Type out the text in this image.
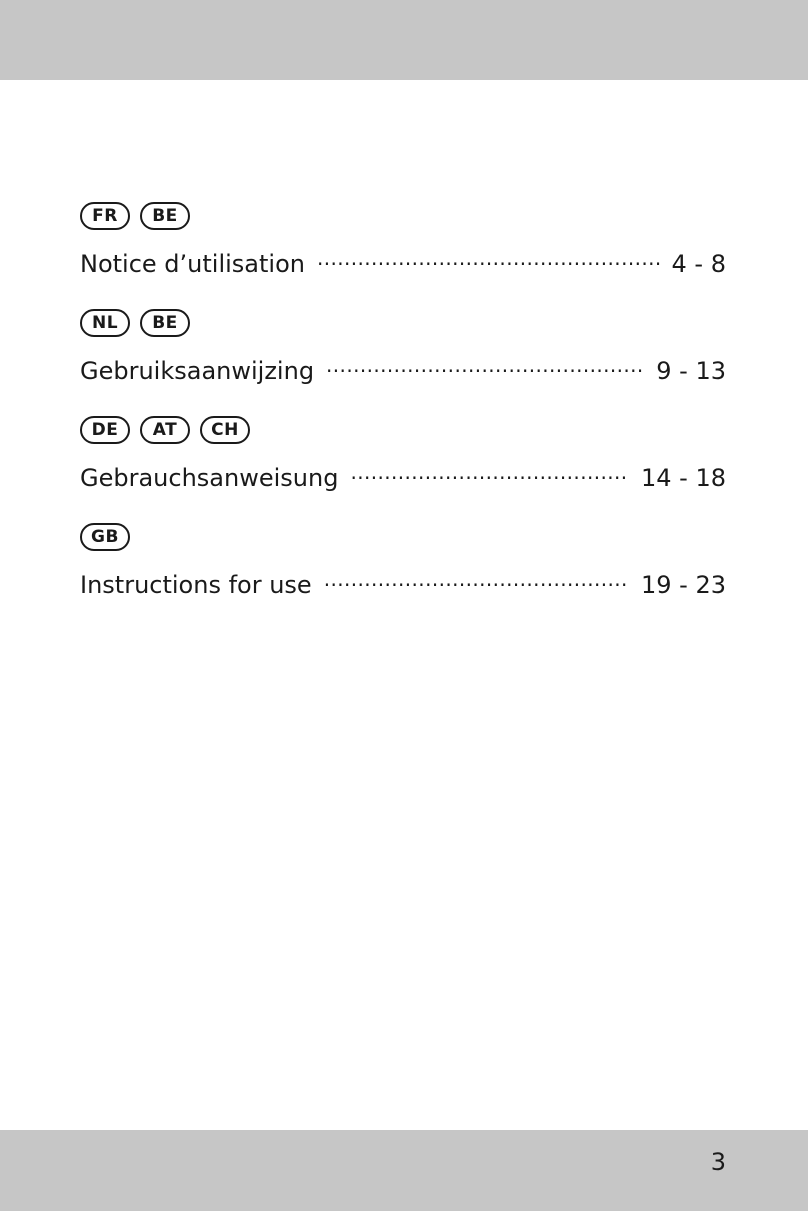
FR	BE
Notice d’utilisation .....	4 - 8
NL	BE
Gebruiksaanwijzing .....	9 - 13
DE	AT	CH
Gebrauchsanweisung .....	14 - 18
GB
Instructions for use .....	19 - 23
3
